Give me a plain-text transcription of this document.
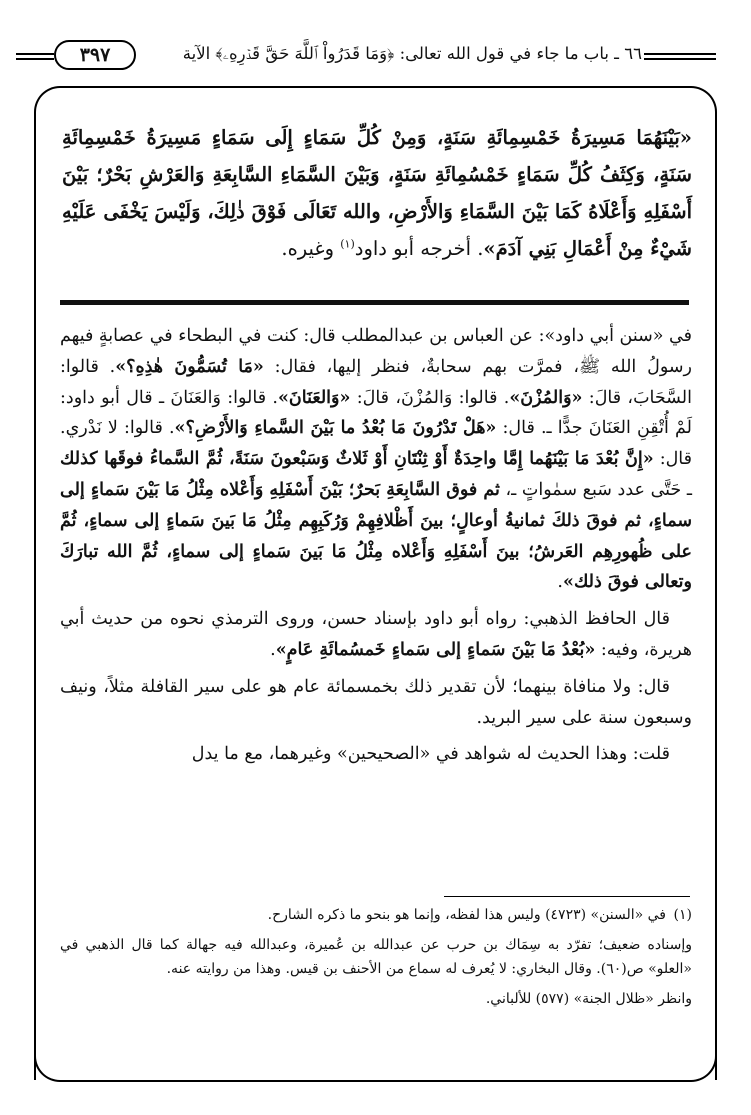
٣٩٧	٦٦ ـ باب ما جاء في قول الله تعالى: ﴿وَمَا قَدَرُواْ ٱللَّهَ حَقَّ قَدۡرِهِۦ﴾ الآية
«بَيْنَهُمَا مَسِيرَةُ خَمْسِمِائَةِ سَنَةٍ، وَمِنْ كُلِّ سَمَاءٍ إِلَى سَمَاءٍ مَسِيرَةُ خَمْسِمِائَةِ سَنَةٍ، وَكِثَفُ كُلِّ سَمَاءٍ خَمْسُمِائَةِ سَنَةٍ، وَبَيْنَ السَّمَاءِ السَّابِعَةِ وَالعَرْشِ بَحْرٌ؛ بَيْنَ أَسْفَلِهِ وَأَعْلَاهُ كَمَا بَيْنَ السَّمَاءِ وَالأَرْضِ، والله تَعَالَى فَوْقَ ذٰلِكَ، وَلَيْسَ يَخْفَى عَلَيْهِ شَيْءٌ مِنْ أَعْمَالِ بَنِي آدَمَ». أخرجه أبو داود$^{(١)}$ وغيره.

في «سنن أبي داود»: عن العباس بن عبدالمطلب قال: كنت في البطحاء في عصابةٍ فيهم رسولُ الله ﷺ، فمرَّت بهم سحابةٌ، فنظر إليها، فقال: «مَا تُسَمُّونَ هٰذِهِ؟». قالوا: السَّحَابَ، قالَ: «وَالمُزْنَ». قالوا: وَالمُزْنَ، قالَ: «وَالعَنَانَ». قالوا: وَالعَنَانَ ـ قال أبو داود: لَمْ أُتْقِنِ العَنَانَ جدًّا ـ. قال: «هَلْ تَدْرُونَ مَا بُعْدُ ما بَيْنَ السَّماءِ وَالأَرْضِ؟». قالوا: لا نَدْري. قال: «إِنَّ بُعْدَ مَا بَيْنَهُما إِمَّا واحِدَةٌ أَوْ ثِنْتَانِ أَوْ ثَلاثٌ وَسَبْعونَ سَنَةً، ثُمَّ السَّماءُ فوقَها كذلك ـ حَتَّى عدد سَبع سمٰواتٍ ـ، ثم فوق السَّابِعَةِ بَحرٌ؛ بَيْنَ أَسْفَلِهِ وَأَعْلاه مِثْلُ مَا بَيْنَ سَماءٍ إلى سماءٍ، ثم فوقَ ذلكَ ثمانيةُ أوعالٍ؛ بينَ أَظْلافِهِمْ وَرُكَبِهِم مِثْلُ مَا بَينَ سَماءٍ إلى سماءٍ، ثُمَّ على ظُهورِهِم العَرشُ؛ بينَ أَسْفَلِهِ وَأَعْلاه مِثْلُ مَا بَينَ سَماءٍ إلى سماءٍ، ثُمَّ الله تبارَكَ وتعالى فوقَ ذلك».

قال الحافظ الذهبي: رواه أبو داود بإسناد حسن، وروى الترمذي نحوه من حديث أبي هريرة، وفيه: «بُعْدُ مَا بَيْنَ سَماءٍ إلى سَماءٍ خَمسُمائَةِ عَامٍ».

قال: ولا منافاة بينهما؛ لأن تقدير ذلك بخمسمائة عام هو على سير القافلة مثلاً، ونيف وسبعون سنة على سير البريد.

قلت: وهذا الحديث له شواهد في «الصحيحين» وغيرهما، مع ما يدل

(١)في «السنن» (٤٧٢٣) وليس هذا لفظه، وإنما هو بنحو ما ذكره الشارح.

وإسناده ضعيف؛ تفرّد به سِمَاك بن حرب عن عبدالله بن عُميرة، وعبدالله فيه جهالة كما قال الذهبي في «العلو» ص(٦٠). وقال البخاري: لا يُعرف له سماع من الأحنف بن قيس. وهذا من روايته عنه.

وانظر «ظلال الجنة» (٥٧٧) للألباني.
